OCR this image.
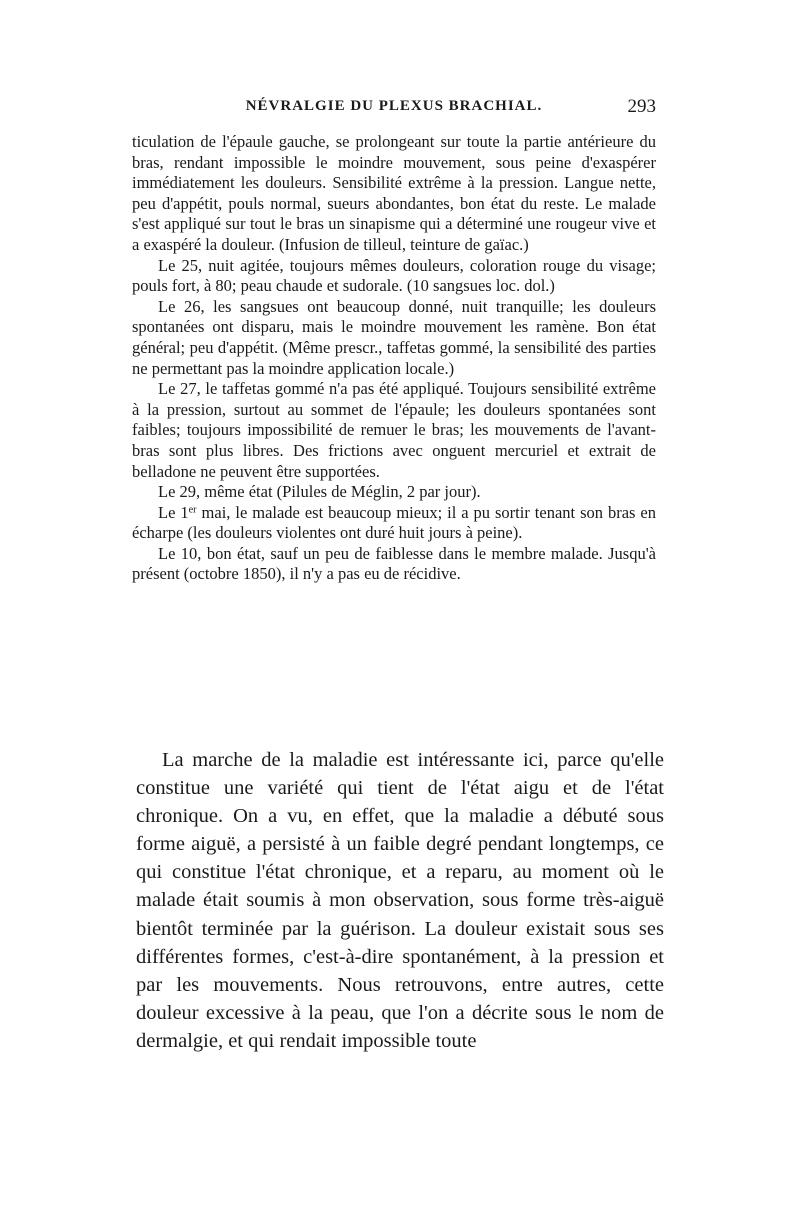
NÉVRALGIE DU PLEXUS BRACHIAL.	293

ticulation de l'épaule gauche, se prolongeant sur toute la partie antérieure du bras, rendant impossible le moindre mouvement, sous peine d'exaspérer immédiatement les douleurs. Sensibilité extrême à la pression. Langue nette, peu d'appétit, pouls normal, sueurs abondantes, bon état du reste. Le malade s'est appliqué sur tout le bras un sinapisme qui a déterminé une rougeur vive et a exaspéré la douleur. (Infusion de tilleul, teinture de gaïac.)

Le 25, nuit agitée, toujours mêmes douleurs, coloration rouge du visage; pouls fort, à 80; peau chaude et sudorale. (10 sangsues loc. dol.)

Le 26, les sangsues ont beaucoup donné, nuit tranquille; les douleurs spontanées ont disparu, mais le moindre mouvement les ramène. Bon état général; peu d'appétit. (Même prescr., taffetas gommé, la sensibilité des parties ne permettant pas la moindre application locale.)

Le 27, le taffetas gommé n'a pas été appliqué. Toujours sensibilité extrême à la pression, surtout au sommet de l'épaule; les douleurs spontanées sont faibles; toujours impossibilité de remuer le bras; les mouvements de l'avant-bras sont plus libres. Des frictions avec onguent mercuriel et extrait de belladone ne peuvent être supportées.

Le 29, même état (Pilules de Méglin, 2 par jour).

Le 1er mai, le malade est beaucoup mieux; il a pu sortir tenant son bras en écharpe (les douleurs violentes ont duré huit jours à peine).

Le 10, bon état, sauf un peu de faiblesse dans le membre malade. Jusqu'à présent (octobre 1850), il n'y a pas eu de récidive.

La marche de la maladie est intéressante ici, parce qu'elle constitue une variété qui tient de l'état aigu et de l'état chronique. On a vu, en effet, que la maladie a débuté sous forme aiguë, a persisté à un faible degré pendant longtemps, ce qui constitue l'état chronique, et a reparu, au moment où le malade était soumis à mon observation, sous forme très-aiguë bientôt terminée par la guérison. La douleur existait sous ses différentes formes, c'est-à-dire spontanément, à la pression et par les mouvements. Nous retrouvons, entre autres, cette douleur excessive à la peau, que l'on a décrite sous le nom de dermalgie, et qui rendait impossible toute
